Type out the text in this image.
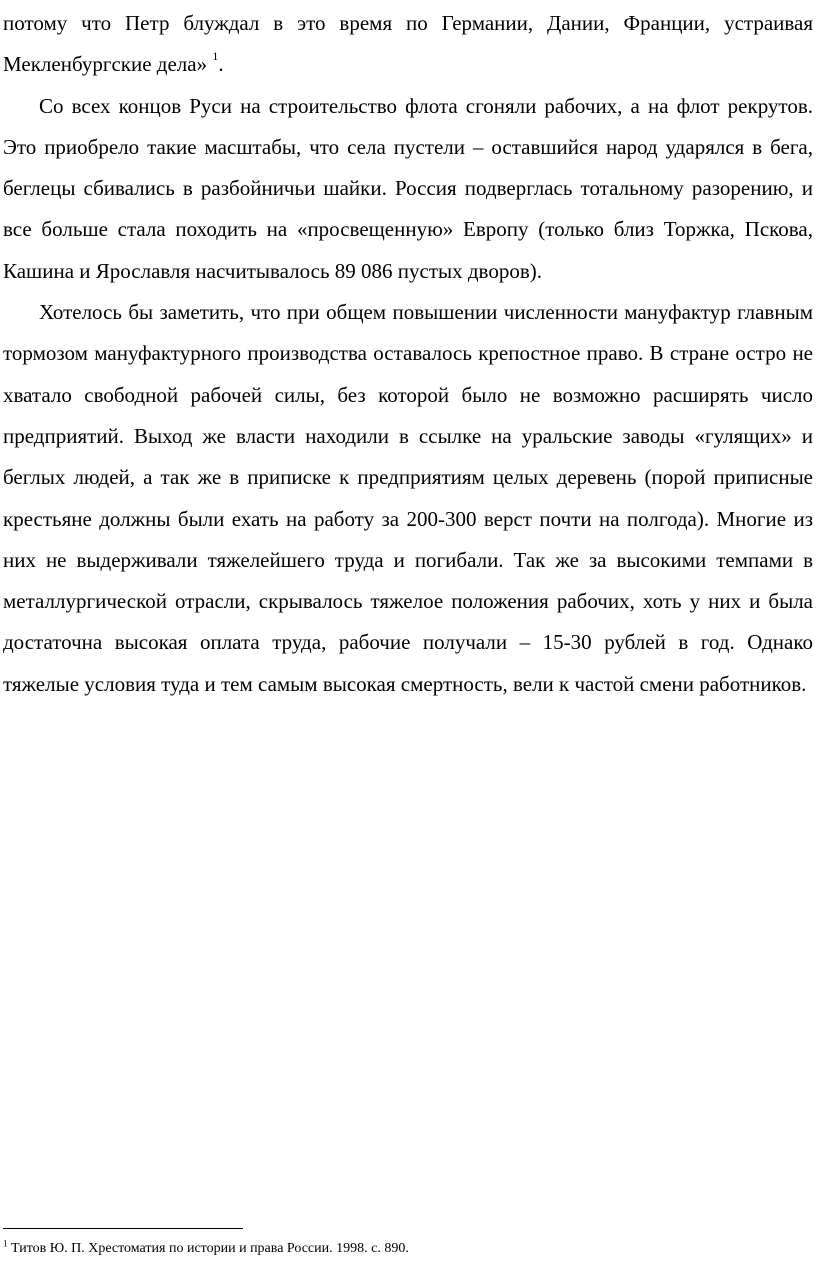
потому что Петр блуждал в это время по Германии, Дании, Франции, устраивая Мекленбургские дела» $^1$.

Со всех концов Руси на строительство флота сгоняли рабочих, а на флот рекрутов. Это приобрело такие масштабы, что села пустели – оставшийся народ ударялся в бега, беглецы сбивались в разбойничьи шайки. Россия подверглась тотальному разорению, и все больше стала походить на «просвещенную» Европу (только близ Торжка, Пскова, Кашина и Ярославля насчитывалось 89 086 пустых дворов).

Хотелось бы заметить, что при общем повышении численности мануфактур главным тормозом мануфактурного производства оставалось крепостное право. В стране остро не хватало свободной рабочей силы, без которой было не возможно расширять число предприятий. Выход же власти находили в ссылке на уральские заводы «гулящих» и беглых людей, а так же в приписке к предприятиям целых деревень (порой приписные крестьяне должны были ехать на работу за 200-300 верст почти на полгода). Многие из них не выдерживали тяжелейшего труда и погибали. Так же за высокими темпами в металлургической отрасли, скрывалось тяжелое положения рабочих, хоть у них и была достаточна высокая оплата труда, рабочие получали – 15-30 рублей в год. Однако тяжелые условия туда и тем самым высокая смертность, вели к частой смени работников.

$^1$ Титов Ю. П. Хрестоматия по истории и права России. 1998. с. 890.
